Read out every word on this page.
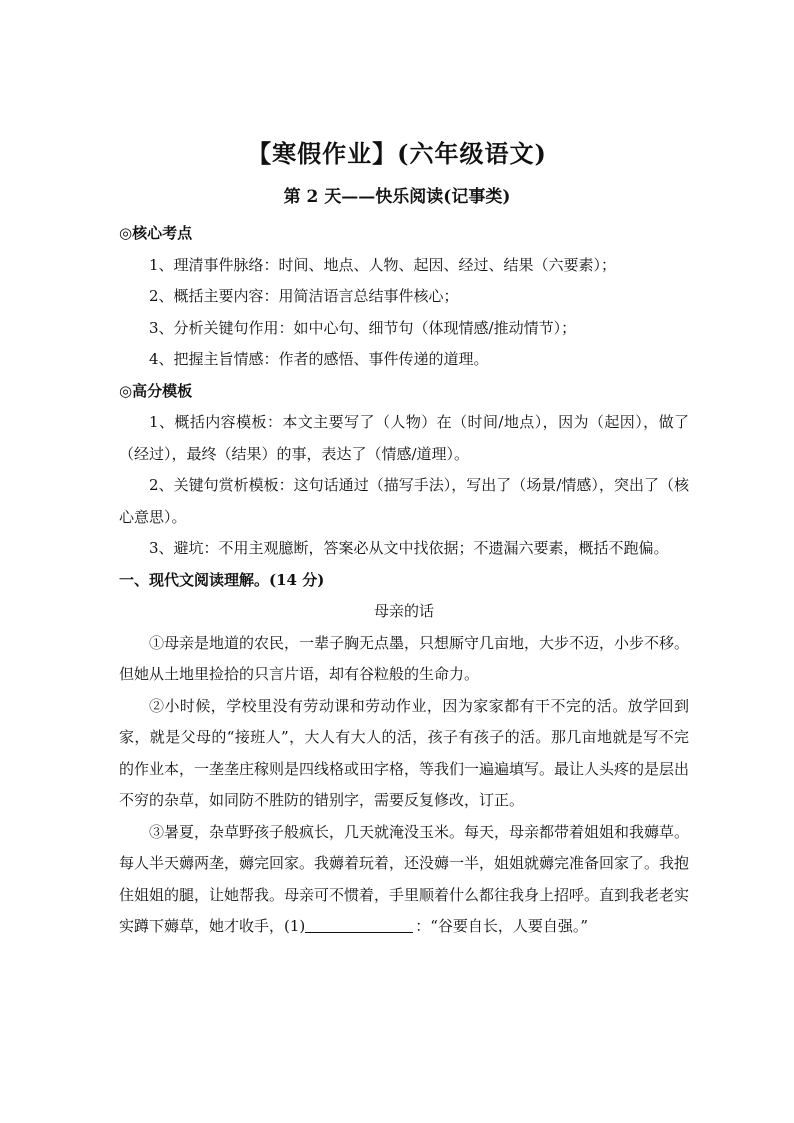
【寒假作业】(六年级语文)
第 2 天——快乐阅读(记事类)

◎核心考点

1、理清事件脉络：时间、地点、人物、起因、经过、结果（六要素）；

2、概括主要内容：用简洁语言总结事件核心；

3、分析关键句作用：如中心句、细节句（体现情感/推动情节）；

4、把握主旨情感：作者的感悟、事件传递的道理。

◎高分模板

1、概括内容模板：本文主要写了（人物）在（时间/地点），因为（起因），做了（经过），最终（结果）的事，表达了（情感/道理）。

2、关键句赏析模板：这句话通过（描写手法），写出了（场景/情感），突出了（核心意思）。

3、避坑：不用主观臆断，答案必从文中找依据；不遗漏六要素，概括不跑偏。

一、现代文阅读理解。(14 分)

母亲的话

①母亲是地道的农民，一辈子胸无点墨，只想厮守几亩地，大步不迈，小步不移。但她从土地里捡拾的只言片语，却有谷粒般的生命力。

②小时候，学校里没有劳动课和劳动作业，因为家家都有干不完的活。放学回到家，就是父母的“接班人”，大人有大人的活，孩子有孩子的活。那几亩地就是写不完的作业本，一垄垄庄稼则是四线格或田字格，等我们一遍遍填写。最让人头疼的是层出不穷的杂草，如同防不胜防的错别字，需要反复修改，订正。

③暑夏，杂草野孩子般疯长，几天就淹没玉米。每天，母亲都带着姐姐和我薅草。每人半天薅两垄，薅完回家。我薅着玩着，还没薅一半，姐姐就薅完准备回家了。我抱住姐姐的腿，让她帮我。母亲可不惯着，手里顺着什么都往我身上招呼。直到我老老实实蹲下薅草，她才收手，(1)	：“谷要自长，人要自强。”
